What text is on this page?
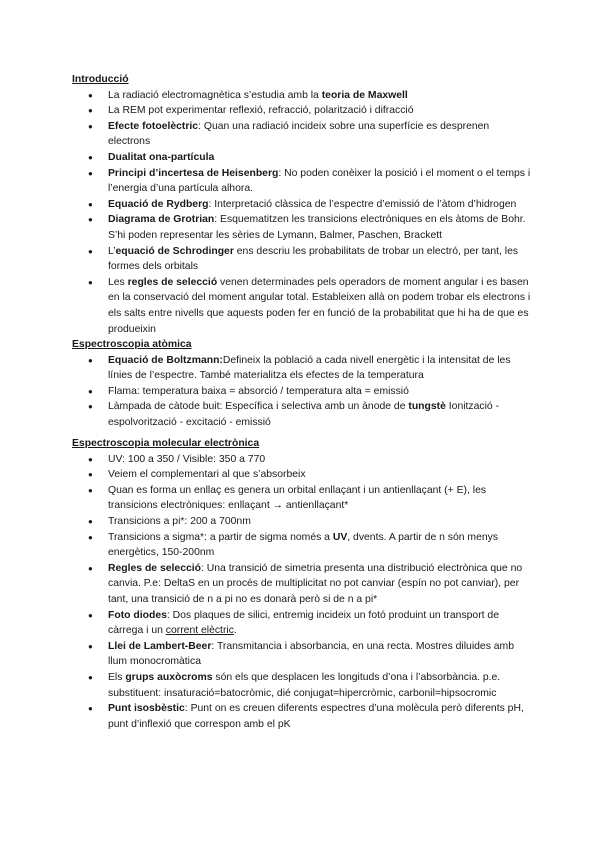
Introducció
● La radiació electromagnètica s’estudia amb la teoria de Maxwell
● La REM pot experimentar reflexió, refracció, polarització i difracció
● Efecte fotoelèctric: Quan una radiació incideix sobre una superfície es desprenen electrons
● Dualitat ona-partícula
● Principi d’incertesa de Heisenberg: No poden conèixer la posició i el moment o el temps i l’energia d’una partícula alhora.
● Equació de Rydberg: Interpretació clàssica de l’espectre d’emissió de l’àtom d’hidrogen
● Diagrama de Grotrian: Esquematitzen les transicions electròniques en els àtoms de Bohr. S’hi poden representar les sèries de Lymann, Balmer, Paschen, Brackett
● L’equació de Schrodinger ens descriu les probabilitats de trobar un electró, per tant, les formes dels orbitals
● Les regles de selecció venen determinades pels operadors de moment angular i es basen en la conservació del moment angular total. Estableixen allà on podem trobar els electrons i els salts entre nivells que aquests poden fer en funció de la probabilitat que hi ha de que es produeixin
Espectroscopia atòmica
● Equació de Boltzmann:Defineix la població a cada nivell energètic i la intensitat de les línies de l’espectre. També materialitza els efectes de la temperatura
● Flama: temperatura baixa = absorció / temperatura alta = emissió
● Làmpada de càtode buit: Específica i selectiva amb un ànode de tungstè Ionització - espolvorització - excitació - emissió
Espectroscopia molecular electrònica
● UV: 100 a 350 / Visible: 350 a 770
● Veiem el complementari al que s’absorbeix
● Quan es forma un enllaç es genera un orbital enllaçant i un antienllaçant (+ E), les transicions electròniques: enllaçant → antienllaçant*
● Transicions a pi*: 200 a 700nm
● Transicions a sigma*: a partir de sigma només a UV, dvents. A partir de n són menys energètics, 150-200nm
● Regles de selecció: Una transició de simetria presenta una distribució electrònica que no canvia. P.e: DeltaS en un procés de multiplicitat no pot canviar (espín no pot canviar), per tant, una transició de n a pi no es donarà però si de n a pi*
● Foto diodes: Dos plaques de silici, entremig incideix un fotó produint un transport de càrrega i un corrent elèctric.
● Llei de Lambert-Beer: Transmitancia i absorbancia, en una recta. Mostres diluides amb llum monocromàtica
● Els grups auxòcroms són els que desplacen les longituds d’ona i l’absorbància. p.e. substituent: insaturació=batocròmic, dié conjugat=hipercròmic, carbonil=hipsocromic
● Punt isosbèstic: Punt on es creuen diferents espectres d’una molècula però diferents pH, punt d’inflexió que correspon amb el pK
